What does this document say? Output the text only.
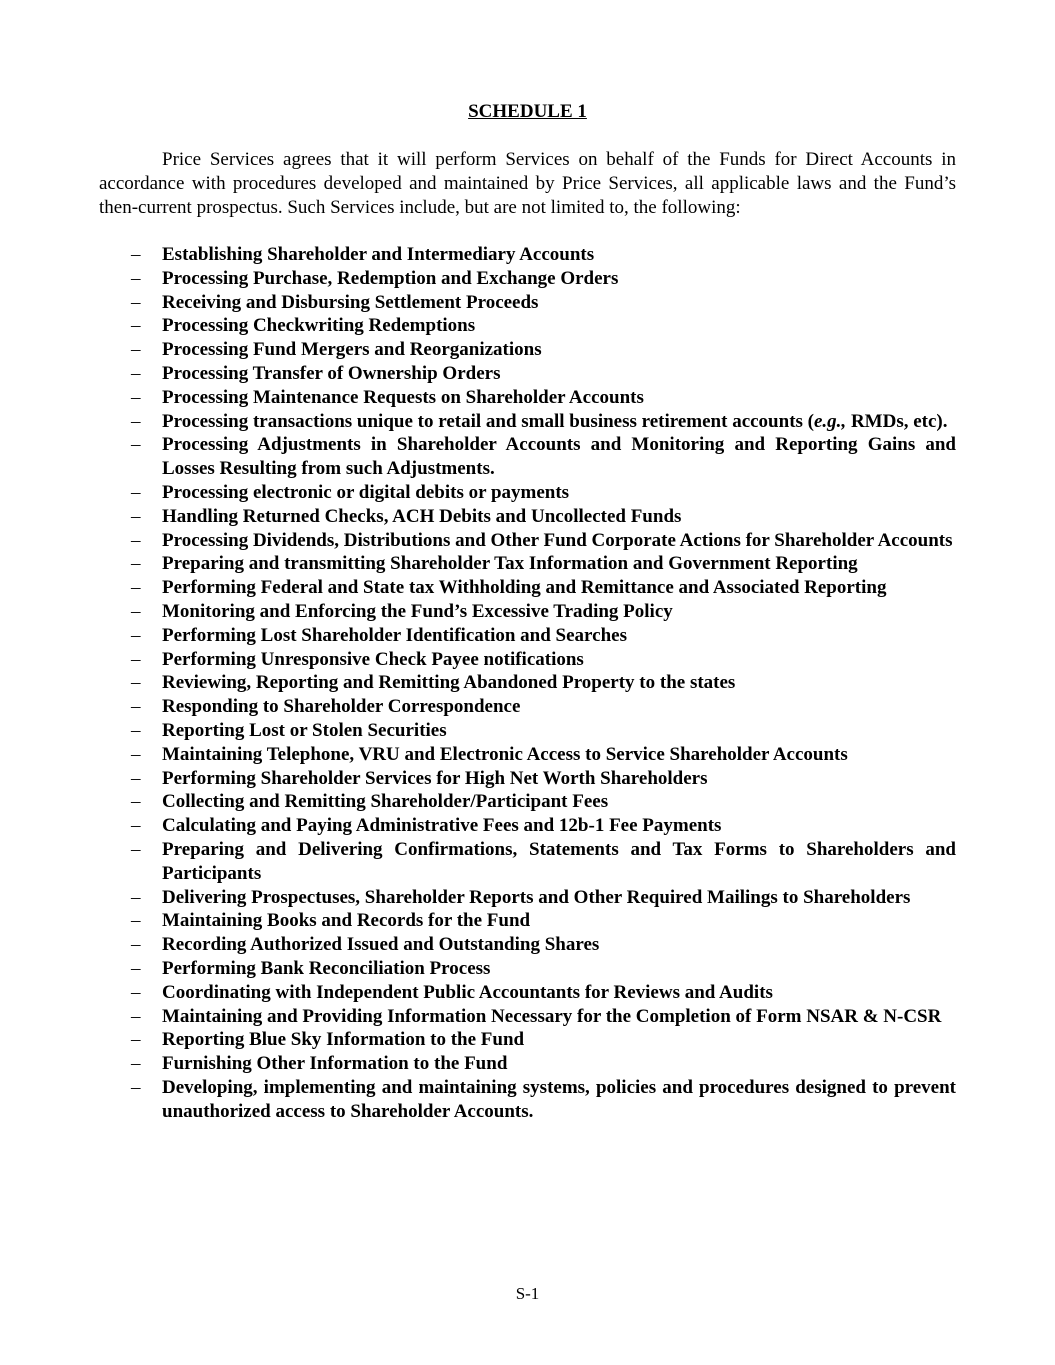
SCHEDULE 1

Price Services agrees that it will perform Services on behalf of the Funds for Direct Accounts in accordance with procedures developed and maintained by Price Services, all applicable laws and the Fund’s then-current prospectus. Such Services include, but are not limited to, the following:

– Establishing Shareholder and Intermediary Accounts
– Processing Purchase, Redemption and Exchange Orders
– Receiving and Disbursing Settlement Proceeds
– Processing Checkwriting Redemptions
– Processing Fund Mergers and Reorganizations
– Processing Transfer of Ownership Orders
– Processing Maintenance Requests on Shareholder Accounts
– Processing transactions unique to retail and small business retirement accounts (e.g., RMDs, etc).
– Processing Adjustments in Shareholder Accounts and Monitoring and Reporting Gains and Losses Resulting from such Adjustments.
– Processing electronic or digital debits or payments
– Handling Returned Checks, ACH Debits and Uncollected Funds
– Processing Dividends, Distributions and Other Fund Corporate Actions for Shareholder Accounts
– Preparing and transmitting Shareholder Tax Information and Government Reporting
– Performing Federal and State tax Withholding and Remittance and Associated Reporting
– Monitoring and Enforcing the Fund’s Excessive Trading Policy
– Performing Lost Shareholder Identification and Searches
– Performing Unresponsive Check Payee notifications
– Reviewing, Reporting and Remitting Abandoned Property to the states
– Responding to Shareholder Correspondence
– Reporting Lost or Stolen Securities
– Maintaining Telephone, VRU and Electronic Access to Service Shareholder Accounts
– Performing Shareholder Services for High Net Worth Shareholders
– Collecting and Remitting Shareholder/Participant Fees
– Calculating and Paying Administrative Fees and 12b-1 Fee Payments
– Preparing and Delivering Confirmations, Statements and Tax Forms to Shareholders and Participants
– Delivering Prospectuses, Shareholder Reports and Other Required Mailings to Shareholders
– Maintaining Books and Records for the Fund
– Recording Authorized Issued and Outstanding Shares
– Performing Bank Reconciliation Process
– Coordinating with Independent Public Accountants for Reviews and Audits
– Maintaining and Providing Information Necessary for the Completion of Form NSAR & N-CSR
– Reporting Blue Sky Information to the Fund
– Furnishing Other Information to the Fund
– Developing, implementing and maintaining systems, policies and procedures designed to prevent unauthorized access to Shareholder Accounts.
S-1
